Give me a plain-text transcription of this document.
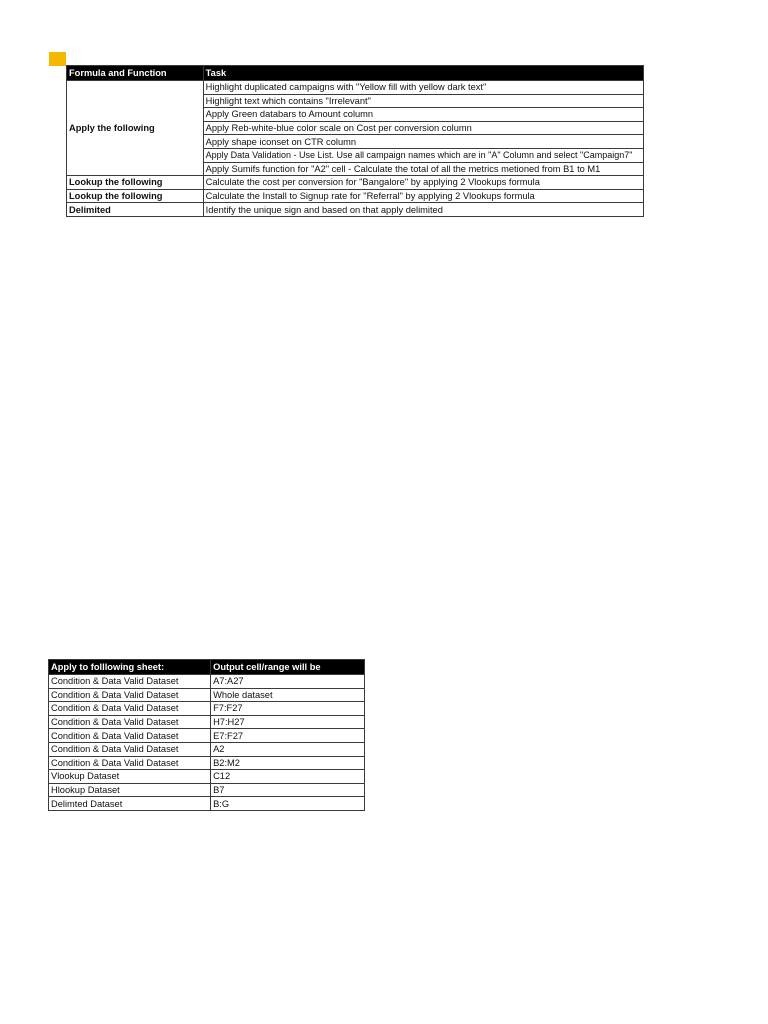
Formula and Function	Task
Apply the following	Highlight duplicated campaigns with "Yellow fill with yellow dark text"
	Highlight text which contains "Irrelevant"
	Apply Green databars to Amount column
	Apply Reb-white-blue color scale on Cost per conversion column
	Apply shape iconset on CTR column
	Apply Data Validation - Use List. Use all campaign names which are in "A" Column and select "Campaign7"
	Apply Sumifs function for "A2" cell - Calculate the total of all the metrics metioned from B1 to M1
Lookup the following	Calculate the cost per conversion for "Bangalore" by applying 2 Vlookups formula
Lookup the following	Calculate the Install to Signup rate for "Referral" by applying 2 Vlookups formula
Delimited	Identify the unique sign and based on that apply delimited
Apply to folllowing sheet:	Output cell/range will be
Condition & Data Valid Dataset	A7:A27
Condition & Data Valid Dataset	Whole dataset
Condition & Data Valid Dataset	F7:F27
Condition & Data Valid Dataset	H7:H27
Condition & Data Valid Dataset	E7:F27
Condition & Data Valid Dataset	A2
Condition & Data Valid Dataset	B2:M2
Vlookup Dataset	C12
Hlookup Dataset	B7
Delimted Dataset	B:G
